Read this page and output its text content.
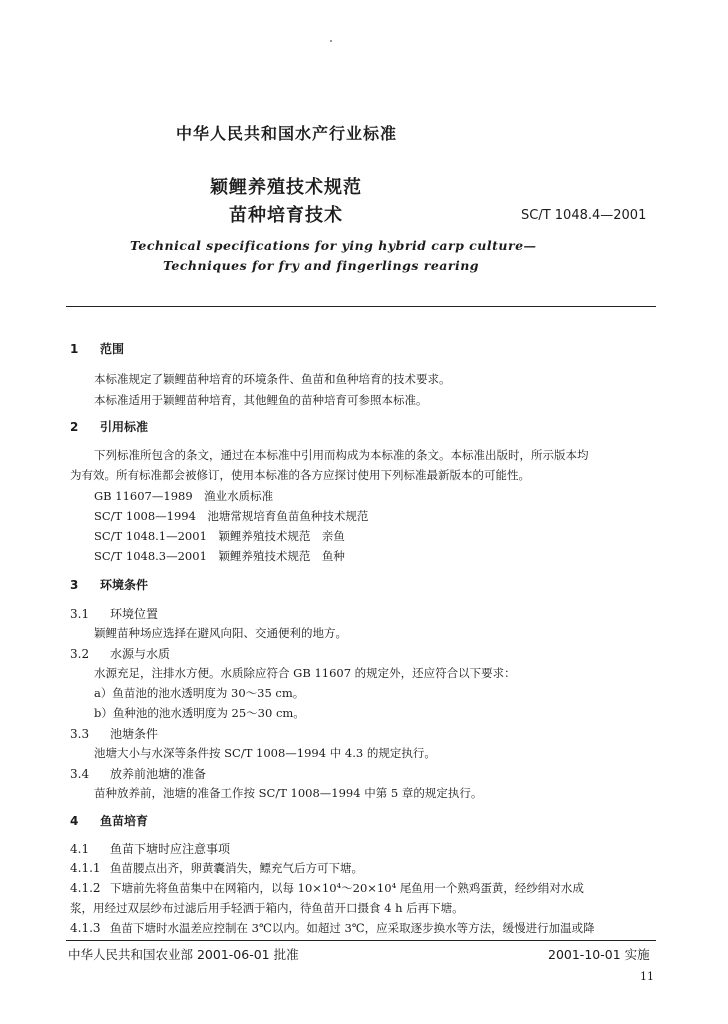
中华人民共和国水产行业标准
颖鲤养殖技术规范
苗种培育技术	SC/T 1048.4—2001
Technical specifications for ying hybrid carp culture—
Techniques for fry and fingerlings rearing
1 范围
本标准规定了颖鲤苗种培育的环境条件、鱼苗和鱼种培育的技术要求。
本标准适用于颖鲤苗种培育，其他鲤鱼的苗种培育可参照本标准。
2 引用标准
下列标准所包含的条文，通过在本标准中引用而构成为本标准的条文。本标准出版时，所示版本均
为有效。所有标准都会被修订，使用本标准的各方应探讨使用下列标准最新版本的可能性。
GB 11607—1989　渔业水质标准
SC/T 1008—1994　池塘常规培育鱼苗鱼种技术规范
SC/T 1048.1—2001　颖鲤养殖技术规范　亲鱼
SC/T 1048.3—2001　颖鲤养殖技术规范　鱼种
3 环境条件
3.1 环境位置
颖鲤苗种场应选择在避风向阳、交通便利的地方。
3.2 水源与水质
水源充足，注排水方便。水质除应符合 GB 11607 的规定外，还应符合以下要求：
a）鱼苗池的池水透明度为 30～35 cm。
b）鱼种池的池水透明度为 25～30 cm。
3.3 池塘条件
池塘大小与水深等条件按 SC/T 1008—1994 中 4.3 的规定执行。
3.4 放养前池塘的准备
苗种放养前，池塘的准备工作按 SC/T 1008—1994 中第 5 章的规定执行。
4 鱼苗培育
4.1 鱼苗下塘时应注意事项
4.1.1 鱼苗腰点出齐，卵黄囊消失，鳔充气后方可下塘。
4.1.2 下塘前先将鱼苗集中在网箱内，以每 10×10⁴～20×10⁴ 尾鱼用一个熟鸡蛋黄，经纱绢对水成
浆，用经过双层纱布过滤后用手轻洒于箱内，待鱼苗开口摄食 4 h 后再下塘。
4.1.3 鱼苗下塘时水温差应控制在 3℃以内。如超过 3℃，应采取逐步换水等方法，缓慢进行加温或降
中华人民共和国农业部 2001-06-01 批准	2001-10-01 实施
11
